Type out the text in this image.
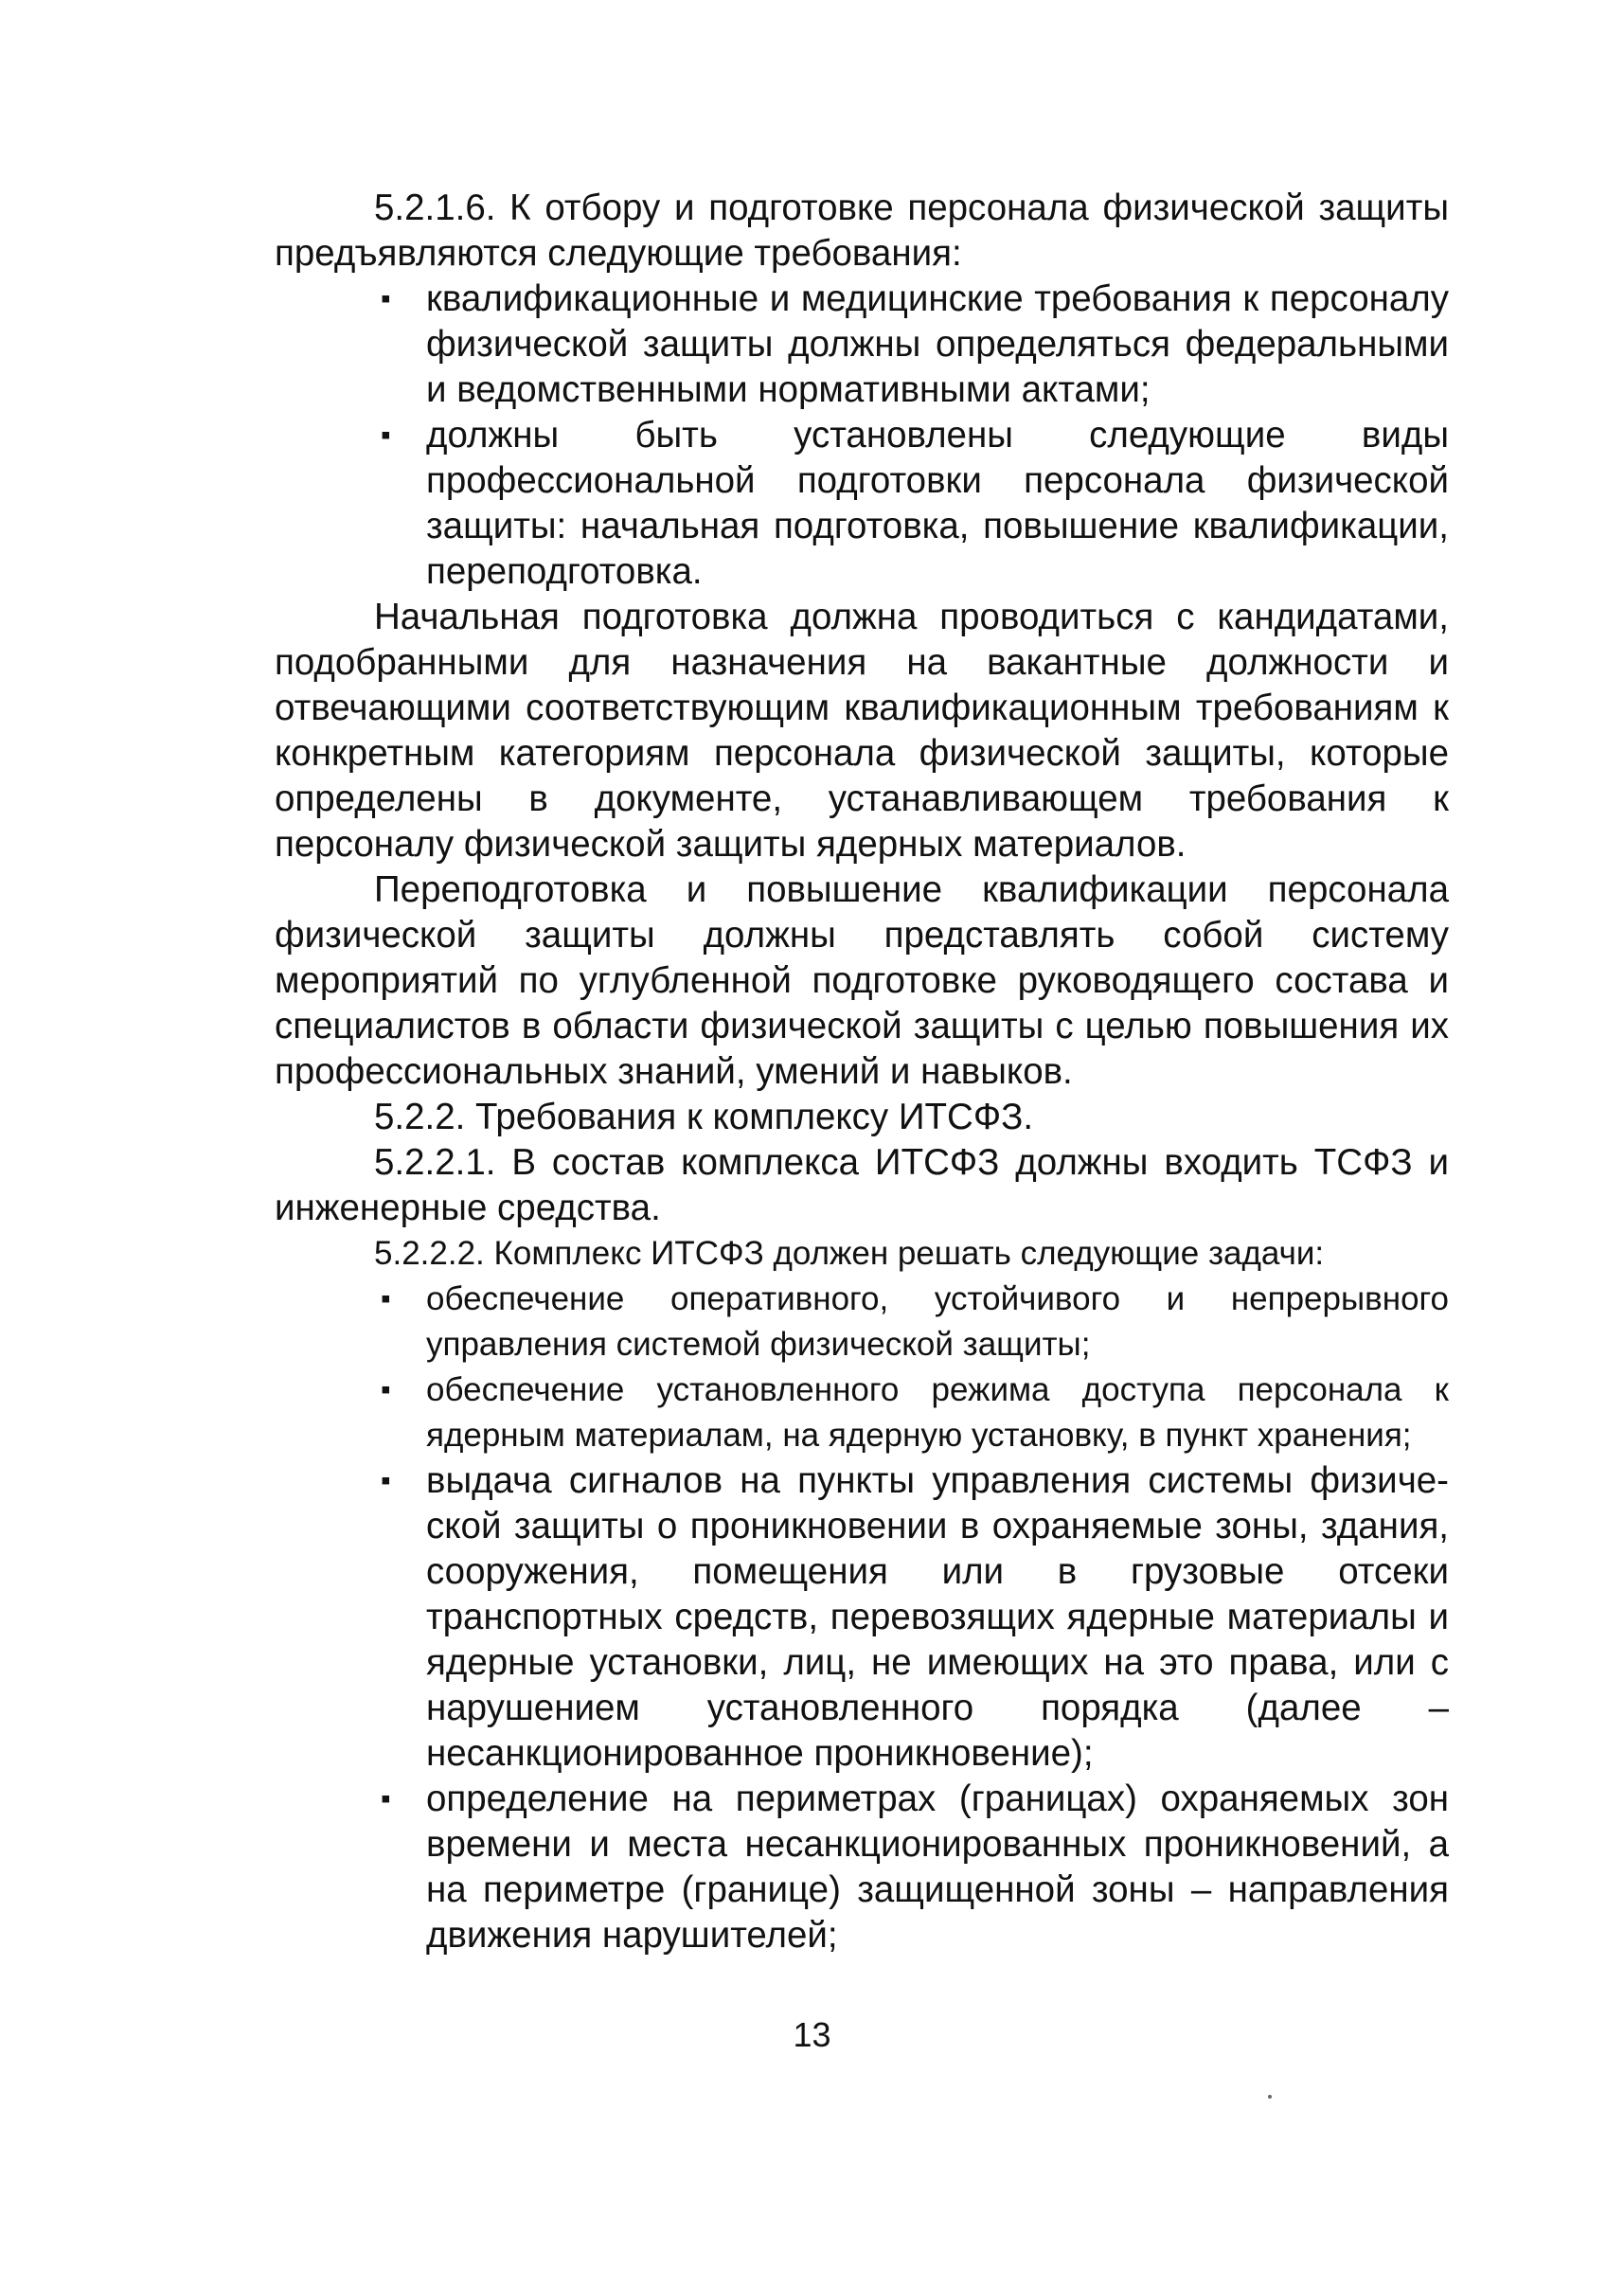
5.2.1.6. К отбору и подготовке персонала физической защиты предъявляются следующие требования:

▪ квалификационные и медицинские требования к персоналу физической защиты должны определяться федеральными и ведомственными нормативными актами;
▪ должны быть установлены следующие виды профессиональной подготовки персонала физической защиты: начальная подготовка, повышение квалификации, переподготовка.

Начальная подготовка должна проводиться с кандидатами, подобранными для назначения на вакантные должности и отвечающими соответствующим квалификационным требованиям к конкретным категориям персонала физической защиты, которые определены в документе, устанавливающем требования к персоналу физической защиты ядерных материалов.

Переподготовка и повышение квалификации персонала физической защиты должны представлять собой систему мероприятий по углубленной подготовке руководящего состава и специалистов в области физической защиты с целью повышения их профессиональных знаний, умений и навыков.

5.2.2. Требования к комплексу ИТСФЗ.

5.2.2.1. В состав комплекса ИТСФЗ должны входить ТСФЗ и инженерные средства.

5.2.2.2. Комплекс ИТСФЗ должен решать следующие задачи:

▪ обеспечение оперативного, устойчивого и непрерывного управления системой физической защиты;
▪ обеспечение установленного режима доступа персонала к ядерным материалам, на ядерную установку, в пункт хранения;
▪ выдача сигналов на пункты управления системы физической защиты о проникновении в охраняемые зоны, здания, сооружения, помещения или в грузовые отсеки транспортных средств, перевозящих ядерные материалы и ядерные установки, лиц, не имеющих на это права, или с нарушением установленного порядка (далее – несанкционированное проникновение);
▪ определение на периметрах (границах) охраняемых зон времени и места несанкционированных проникновений, а на периметре (границе) защищенной зоны – направления движения нарушителей;
13
